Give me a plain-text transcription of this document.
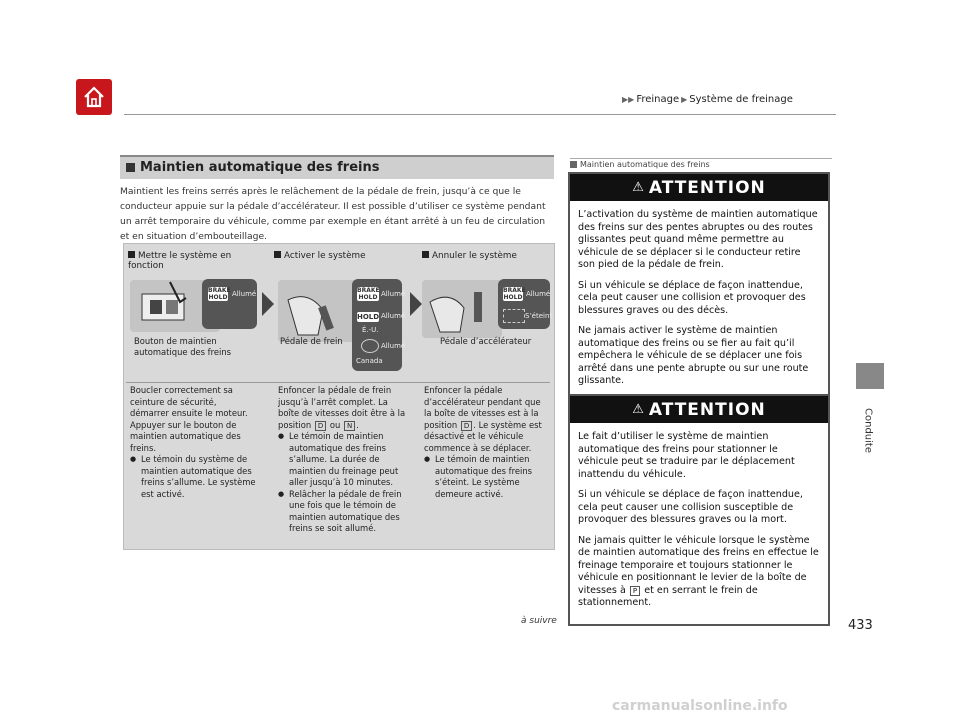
▶▶ Freinage ▶ Système de freinage
Conduite
Maintien automatique des freins
Maintient les freins serrés après le relâchement de la pédale de frein, jusqu’à ce que le conducteur appuie sur la pédale d’accélérateur. Il est possible d’utiliser ce système pendant un arrêt temporaire du véhicule, comme par exemple en étant arrêté à un feu de circulation et en situation d’embouteillage.
Mettre le système en fonction
Activer le système	Annuler le système
BRAKE HOLD Allumé	BRAKE HOLD Allumé
HOLD Allumé
É.-U.
Allumé
Canada
BRAKE HOLD Allumé
S’éteint
Bouton de maintien automatique des freins
Pédale de frein	Pédale d’accélérateur
Boucler correctement sa ceinture de sécurité, démarrer ensuite le moteur. Appuyer sur le bouton de maintien automatique des freins.
● Le témoin du système de maintien automatique des freins s’allume. Le système est activé.
Enfoncer la pédale de frein jusqu’à l’arrêt complet. La boîte de vitesses doit être à la position D ou N .
● Le témoin de maintien automatique des freins s’allume. La durée de maintien du freinage peut aller jusqu’à 10 minutes.
● Relâcher la pédale de frein une fois que le témoin de maintien automatique des freins se soit allumé.
Enfoncer la pédale d’accélérateur pendant que la boîte de vitesses est à la position D . Le système est désactivé et le véhicule commence à se déplacer.
● Le témoin de maintien automatique des freins s’éteint. Le système demeure activé.
Maintien automatique des freins
⚠ ATTENTION

L’activation du système de maintien automatique des freins sur des pentes abruptes ou des routes glissantes peut quand même permettre au véhicule de se déplacer si le conducteur retire son pied de la pédale de frein.

Si un véhicule se déplace de façon inattendue, cela peut causer une collision et provoquer des blessures graves ou des décès.

Ne jamais activer le système de maintien automatique des freins ou se fier au fait qu’il empêchera le véhicule de se déplacer une fois arrêté dans une pente abrupte ou sur une route glissante.

⚠ ATTENTION

Le fait d’utiliser le système de maintien automatique des freins pour stationner le véhicule peut se traduire par le déplacement inattendu du véhicule.

Si un véhicule se déplace de façon inattendue, cela peut causer une collision susceptible de provoquer des blessures graves ou la mort.

Ne jamais quitter le véhicule lorsque le système de maintien automatique des freins en effectue le freinage temporaire et toujours stationner le véhicule en positionnant le levier de la boîte de vitesses à P et en serrant le frein de stationnement.

à suivre	433
carmanualsonline.info
